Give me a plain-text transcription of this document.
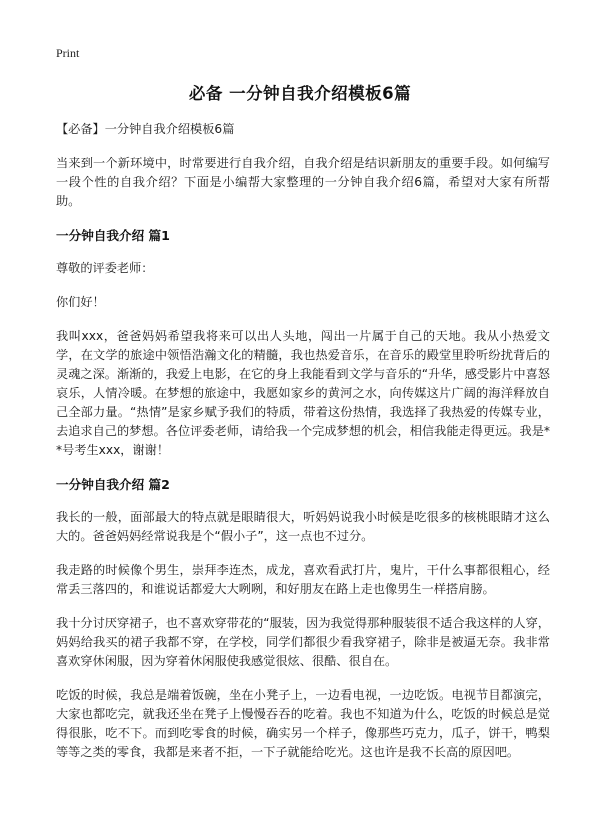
Print
必备 一分钟自我介绍模板6篇

【必备】一分钟自我介绍模板6篇

当来到一个新环境中，时常要进行自我介绍，自我介绍是结识新朋友的重要手段。如何编写一段个性的自我介绍？下面是小编帮大家整理的一分钟自我介绍6篇，希望对大家有所帮助。

一分钟自我介绍 篇1

尊敬的评委老师：

你们好！

我叫xxx，爸爸妈妈希望我将来可以出人头地，闯出一片属于自己的天地。我从小热爱文学，在文学的旅途中领悟浩瀚文化的精髓，我也热爱音乐，在音乐的殿堂里聆听纷扰背后的灵魂之深。渐渐的，我爱上电影，在它的身上我能看到文学与音乐的“升华，感受影片中喜怒哀乐，人情冷暖。在梦想的旅途中，我愿如家乡的黄河之水，向传媒这片广阔的海洋释放自己全部力量。“热情”是家乡赋予我们的特质，带着这份热情，我选择了我热爱的传媒专业，去追求自己的梦想。各位评委老师，请给我一个完成梦想的机会，相信我能走得更远。我是**号考生xxx，谢谢！

一分钟自我介绍 篇2

我长的一般，面部最大的特点就是眼睛很大，听妈妈说我小时候是吃很多的核桃眼睛才这么大的。爸爸妈妈经常说我是个“假小子”，这一点也不过分。

我走路的时候像个男生，崇拜李连杰，成龙，喜欢看武打片，鬼片，干什么事都很粗心，经常丢三落四的，和谁说话都爱大大咧咧，和好朋友在路上走也像男生一样搭肩膀。

我十分讨厌穿裙子，也不喜欢穿带花的“服装，因为我觉得那种服装很不适合我这样的人穿，妈妈给我买的裙子我都不穿，在学校，同学们都很少看我穿裙子，除非是被逼无奈。我非常喜欢穿休闲服，因为穿着休闲服使我感觉很炫、很酷、很自在。

吃饭的时候，我总是端着饭碗，坐在小凳子上，一边看电视，一边吃饭。电视节目都演完，大家也都吃完，就我还坐在凳子上慢慢吞吞的吃着。我也不知道为什么，吃饭的时候总是觉得很胀，吃不下。而到吃零食的时候，确实另一个样子，像那些巧克力，瓜子，饼干，鸭梨等等之类的零食，我都是来者不拒，一下子就能给吃光。这也许是我不长高的原因吧。
